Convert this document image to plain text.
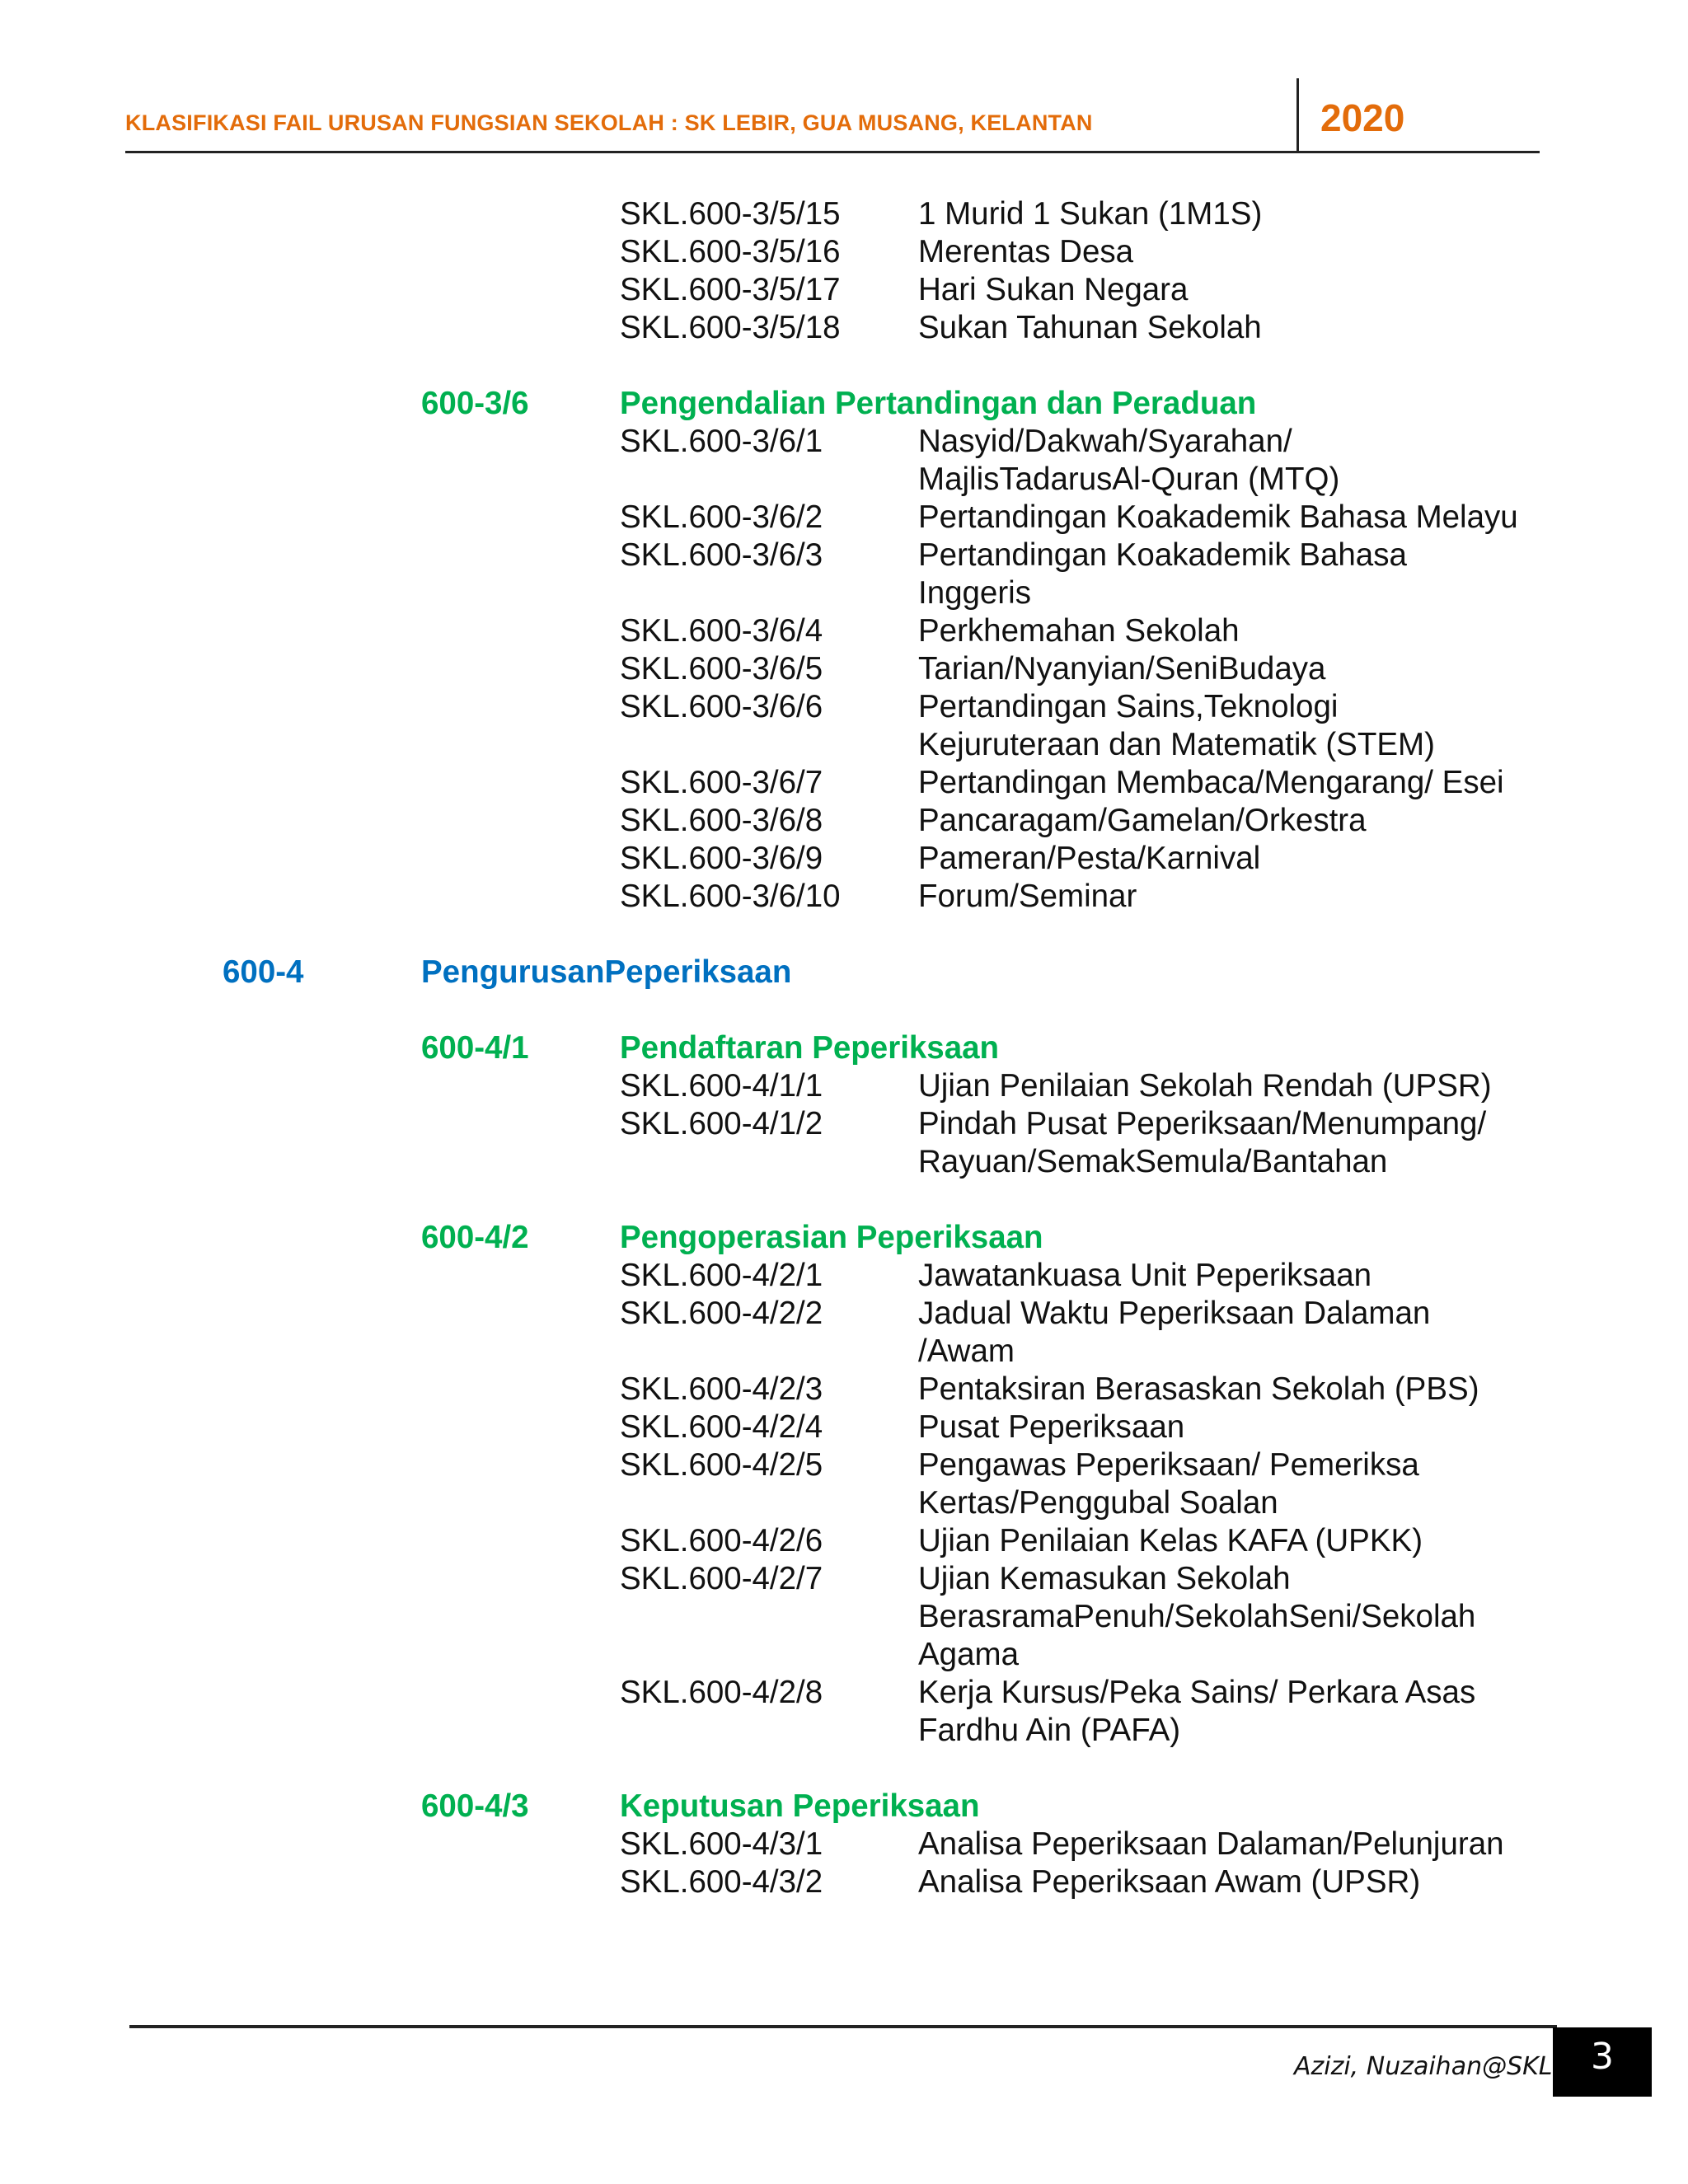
KLASIFIKASI FAIL URUSAN FUNGSIAN SEKOLAH : SK LEBIR, GUA MUSANG, KELANTAN	2020
SKL.600-3/5/15 1 Murid 1 Sukan (1M1S)
SKL.600-3/5/16 Merentas Desa
SKL.600-3/5/17 Hari Sukan Negara
SKL.600-3/5/18 Sukan Tahunan Sekolah
600-3/6	Pengendalian Pertandingan dan Peraduan
SKL.600-3/6/1	Nasyid/Dakwah/Syarahan/
MajlisTadarusAl-Quran (MTQ)
SKL.600-3/6/2	Pertandingan Koakademik Bahasa Melayu
SKL.600-3/6/3	Pertandingan Koakademik Bahasa
Inggeris
SKL.600-3/6/4	Perkhemahan Sekolah
SKL.600-3/6/5	Tarian/Nyanyian/SeniBudaya
SKL.600-3/6/6	Pertandingan Sains,Teknologi
Kejuruteraan dan Matematik (STEM)
SKL.600-3/6/7	Pertandingan Membaca/Mengarang/ Esei
SKL.600-3/6/8	Pancaragam/Gamelan/Orkestra
SKL.600-3/6/9	Pameran/Pesta/Karnival
SKL.600-3/6/10 Forum/Seminar
600-4	PengurusanPeperiksaan
600-4/1	Pendaftaran Peperiksaan
SKL.600-4/1/1	Ujian Penilaian Sekolah Rendah (UPSR)
SKL.600-4/1/2	Pindah Pusat Peperiksaan/Menumpang/
Rayuan/SemakSemula/Bantahan
600-4/2	Pengoperasian Peperiksaan
SKL.600-4/2/1	Jawatankuasa Unit Peperiksaan
SKL.600-4/2/2	Jadual Waktu Peperiksaan Dalaman
/Awam
SKL.600-4/2/3	Pentaksiran Berasaskan Sekolah (PBS)
SKL.600-4/2/4	Pusat Peperiksaan
SKL.600-4/2/5	Pengawas Peperiksaan/ Pemeriksa
Kertas/Penggubal Soalan
SKL.600-4/2/6	Ujian Penilaian Kelas KAFA (UPKK)
SKL.600-4/2/7	Ujian Kemasukan Sekolah
BerasramaPenuh/SekolahSeni/Sekolah
Agama
SKL.600-4/2/8	Kerja Kursus/Peka Sains/ Perkara Asas
Fardhu Ain (PAFA)
600-4/3	Keputusan Peperiksaan
SKL.600-4/3/1	Analisa Peperiksaan Dalaman/Pelunjuran
SKL.600-4/3/2	Analisa Peperiksaan Awam (UPSR)
Azizi, Nuzaihan@SKL	3
